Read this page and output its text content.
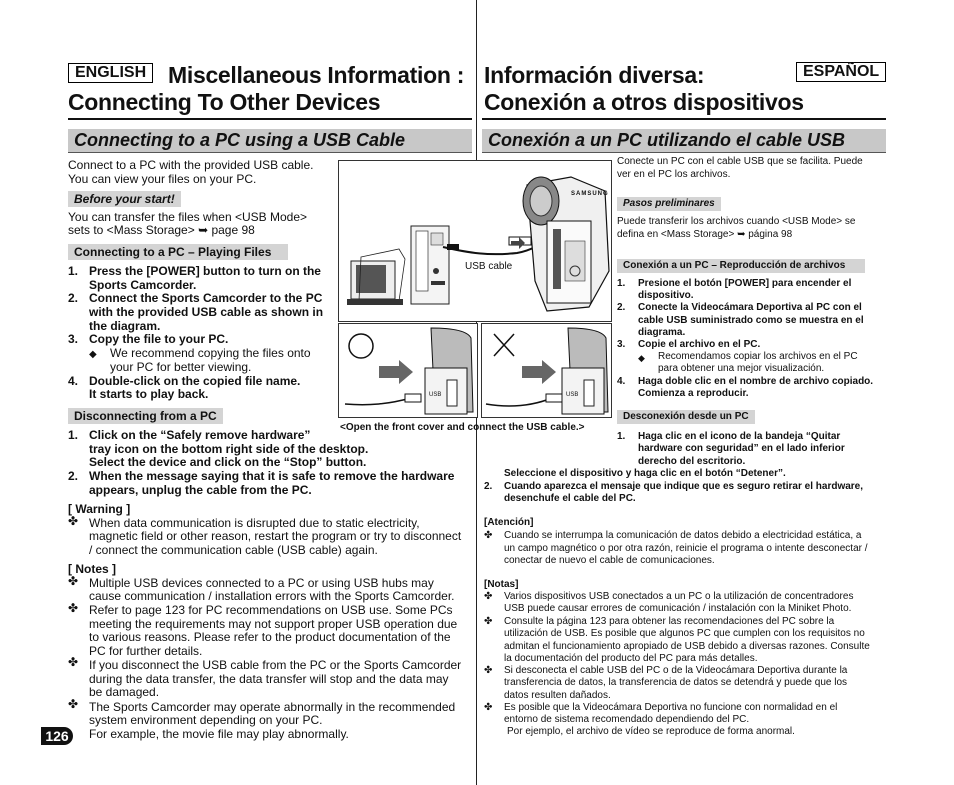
ENGLISH Miscellaneous Information :
Connecting To Other Devices
Connecting to a PC using a USB Cable
Connect to a PC with the provided USB cable.
You can view your files on your PC.
Before your start!
You can transfer the files when <USB Mode>
sets to <Mass Storage> ➥ page 98
Connecting to a PC – Playing Files
1. Press the [POWER] button to turn on the
Sports Camcorder.
2. Connect the Sports Camcorder to the PC
with the provided USB cable as shown in
the diagram.
3. Copy the file to your PC.
◆ We recommend copying the files onto
your PC for better viewing.
4. Double-click on the copied file name.
It starts to play back.
Disconnecting from a PC
1. Click on the “Safely remove hardware”
tray icon on the bottom right side of the desktop.
Select the device and click on the “Stop” button.
2. When the message saying that it is safe to remove the hardware
appears, unplug the cable from the PC.
[ Warning ]
✤ When data communication is disrupted due to static electricity,
magnetic field or other reason, restart the program or try to disconnect
/ connect the communication cable (USB cable) again.
[ Notes ]
✤ Multiple USB devices connected to a PC or using USB hubs may
cause communication / installation errors with the Sports Camcorder.
✤ Refer to page 123 for PC recommendations on USB use. Some PCs
meeting the requirements may not support proper USB operation due
to various reasons. Please refer to the product documentation of the
PC for further details.
✤ If you disconnect the USB cable from the PC or the Sports Camcorder
during the data transfer, the data transfer will stop and the data may
be damaged.
✤ The Sports Camcorder may operate abnormally in the recommended
system environment depending on your PC.
For example, the movie file may play abnormally.
126
SAMSUNG
USB cable
USB	USB
<Open the front cover and connect the USB cable.>
ESPAÑOL
Información diversa:
Conexión a otros dispositivos
Conexión a un PC utilizando el cable USB
Conecte un PC con el cable USB que se facilita. Puede
ver en el PC los archivos.
Pasos preliminares
Puede transferir los archivos cuando <USB Mode> se
defina en <Mass Storage> ➥ página 98
Conexión a un PC – Reproducción de archivos
1. Presione el botón [POWER] para encender el
dispositivo.
2. Conecte la Videocámara Deportiva al PC con el
cable USB suministrado como se muestra en el
diagrama.
3. Copie el archivo en el PC.
◆ Recomendamos copiar los archivos en el PC
para obtener una mejor visualización.
4. Haga doble clic en el nombre de archivo copiado.
Comienza a reproducir.
Desconexión desde un PC
1. Haga clic en el icono de la bandeja “Quitar
hardware con seguridad” en el lado inferior
derecho del escritorio.
Seleccione el dispositivo y haga clic en el botón “Detener”.
2. Cuando aparezca el mensaje que indique que es seguro retirar el hardware,
desenchufe el cable del PC.
[Atención]
✤ Cuando se interrumpa la comunicación de datos debido a electricidad estática, a
un campo magnético o por otra razón, reinicie el programa o intente desconectar /
conectar de nuevo el cable de comunicaciones.
[Notas]
✤ Varios dispositivos USB conectados a un PC o la utilización de concentradores
USB puede causar errores de comunicación / instalación con la Miniket Photo.
✤ Consulte la página 123 para obtener las recomendaciones del PC sobre la
utilización de USB. Es posible que algunos PC que cumplen con los requisitos no
admitan el funcionamiento apropiado de USB debido a diversas razones. Consulte
la documentación del producto del PC para más detalles.
✤ Si desconecta el cable USB del PC o de la Videocámara Deportiva durante la
transferencia de datos, la transferencia de datos se detendrá y puede que los
datos resulten dañados.
✤ Es posible que la Videocámara Deportiva no funcione con normalidad en el
entorno de sistema recomendado dependiendo del PC.
Por ejemplo, el archivo de vídeo se reproduce de forma anormal.
